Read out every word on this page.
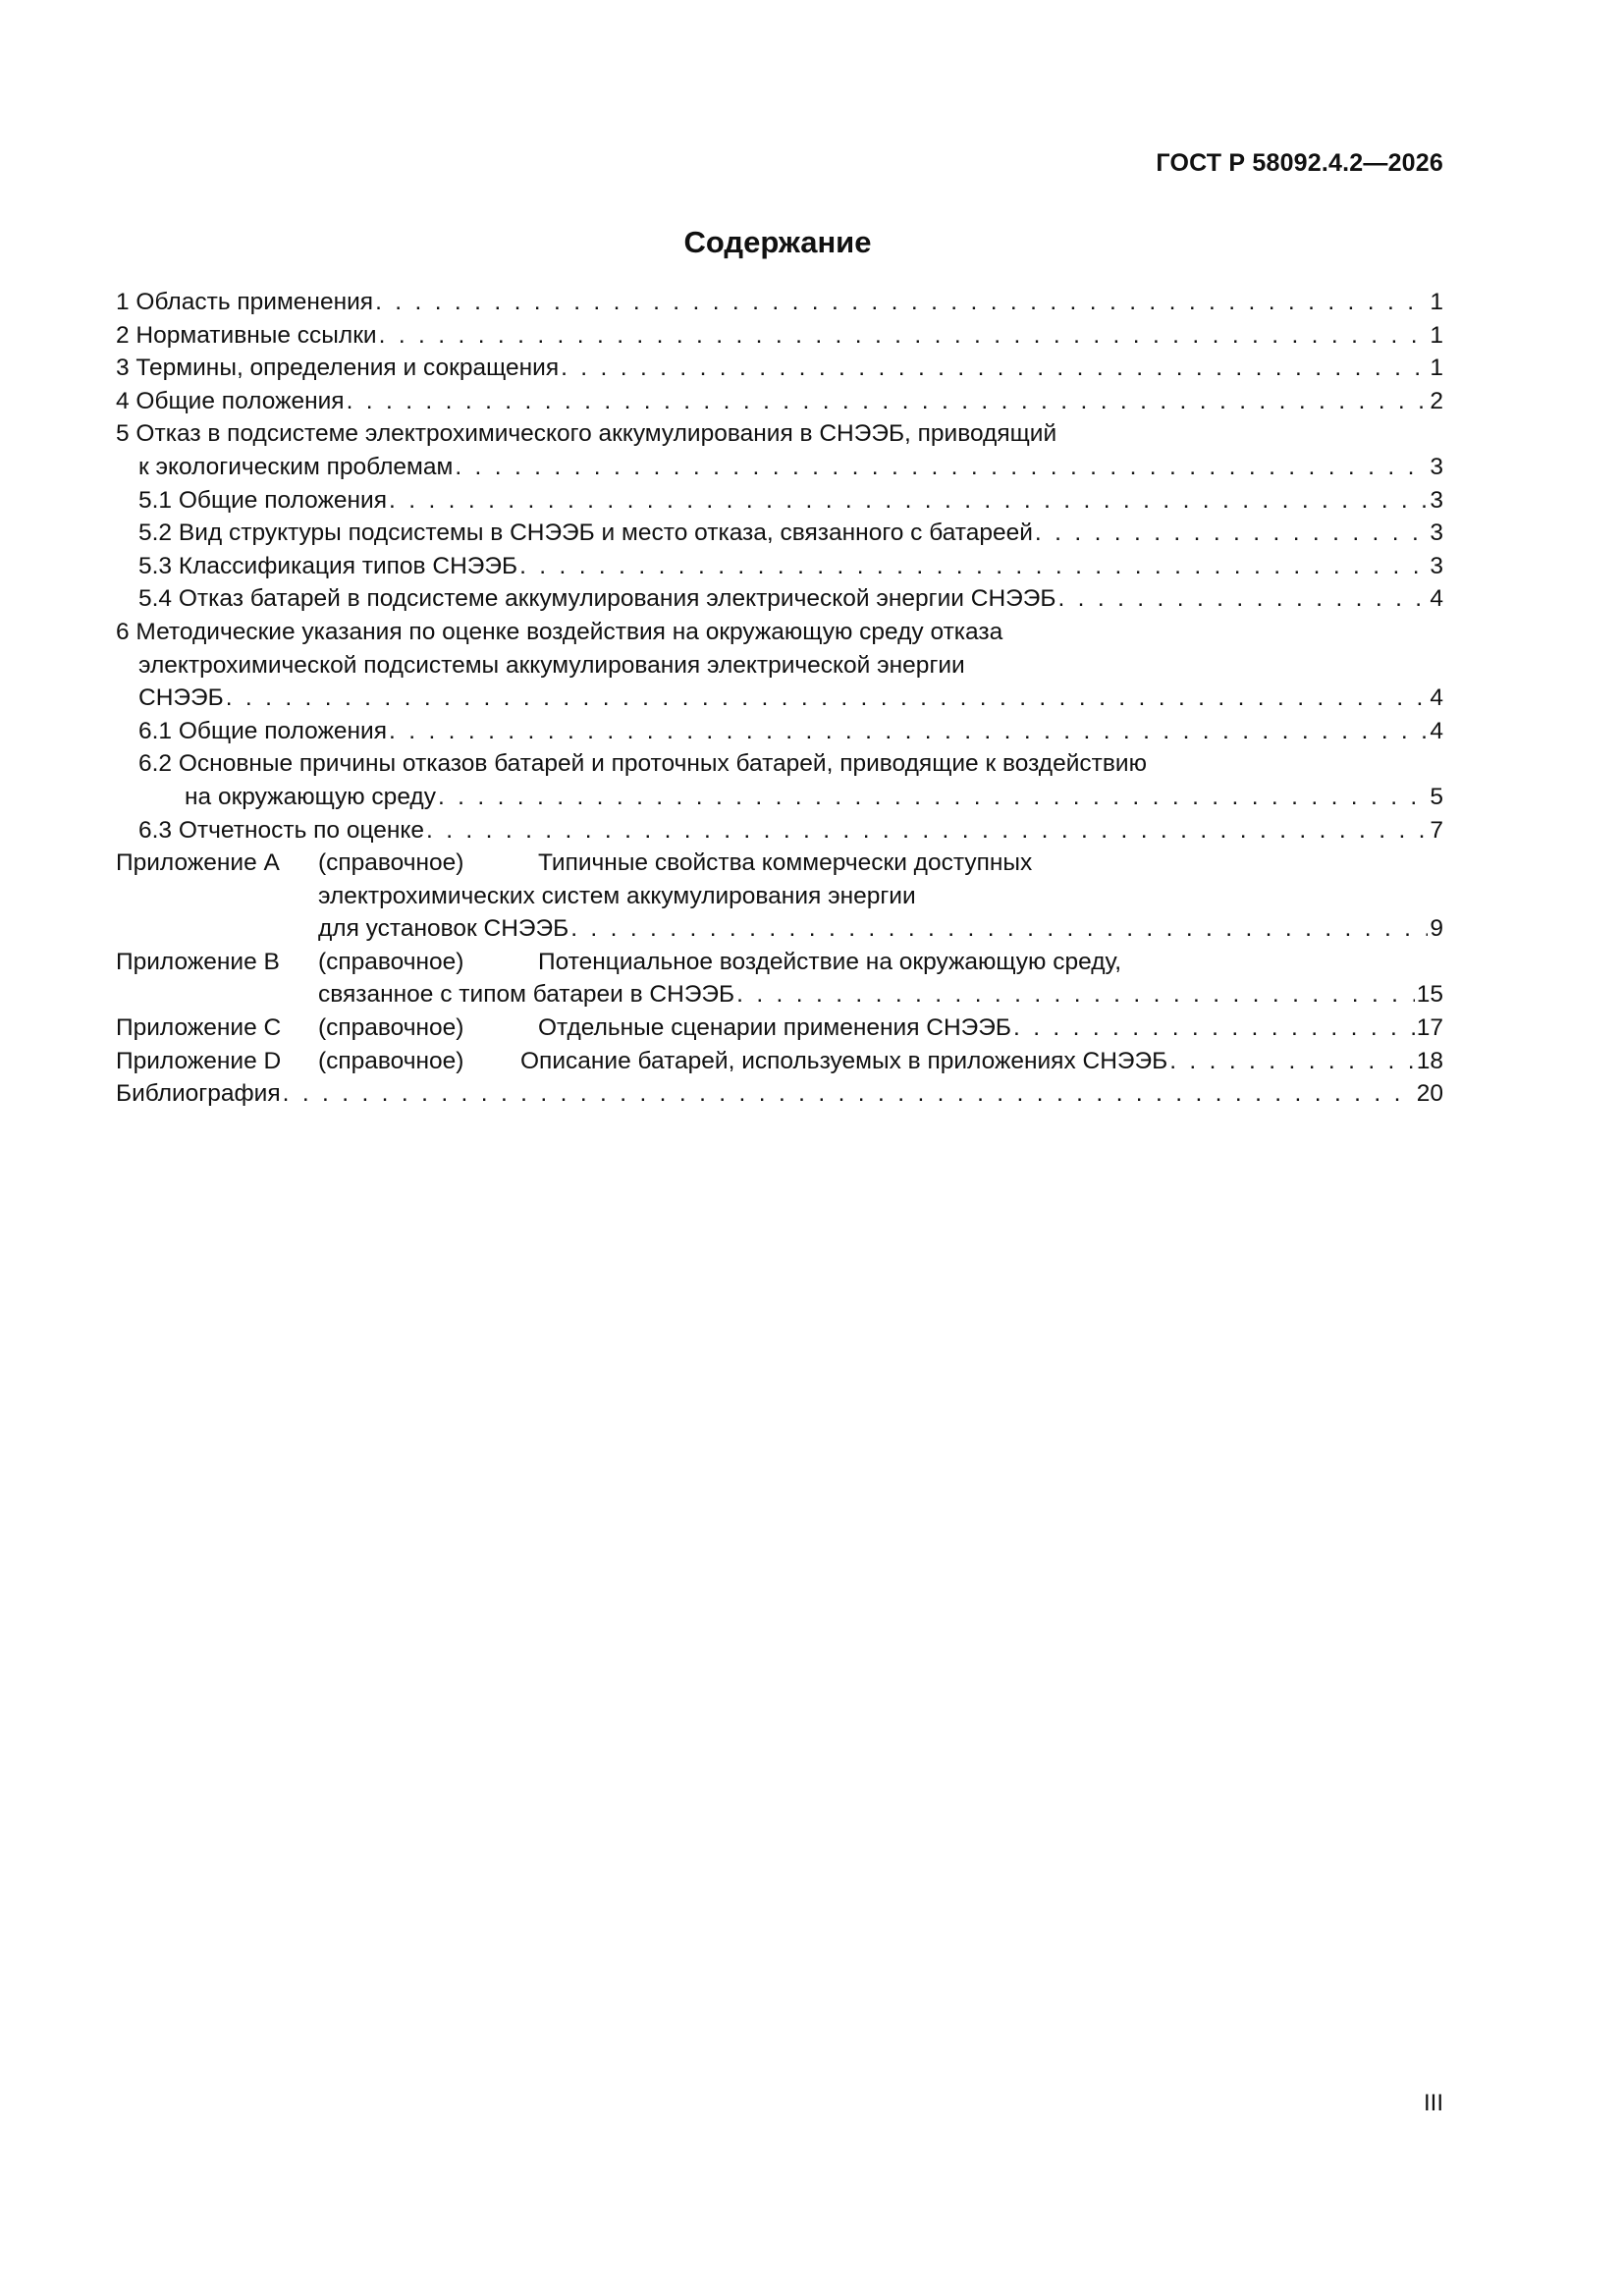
ГОСТ Р 58092.4.2—2026
Содержание
1 Область применения . . .	1
2 Нормативные ссылки . . .	1
3 Термины, определения и сокращения . . .	1
4 Общие положения . . .	2
5 Отказ в подсистеме электрохимического аккумулирования в СНЭЭБ, приводящий
к экологическим проблемам . . .	3
5.1 Общие положения . . .	3
5.2 Вид структуры подсистемы в СНЭЭБ и место отказа, связанного с батареей . . .	3
5.3 Классификация типов СНЭЭБ . . .	3
5.4 Отказ батарей в подсистеме аккумулирования электрической энергии СНЭЭБ . . .	4
6 Методические указания по оценке воздействия на окружающую среду отказа
электрохимической подсистемы аккумулирования электрической энергии
СНЭЭБ . . .	4
6.1 Общие положения . . .	4
6.2 Основные причины отказов батарей и проточных батарей, приводящие к воздействию
на окружающую среду . . .	5
6.3 Отчетность по оценке . . .	7
Приложение А (справочное)	Типичные свойства коммерчески доступных
электрохимических систем аккумулирования энергии
для установок СНЭЭБ . . .	9
Приложение В (справочное)	Потенциальное воздействие на окружающую среду,
связанное с типом батареи в СНЭЭБ . . .	15
Приложение С (справочное)	Отдельные сценарии применения СНЭЭБ . . .	17
Приложение D (справочное) Описание батарей, используемых в приложениях СНЭЭБ . . .	18
Библиография . . .	20
III
